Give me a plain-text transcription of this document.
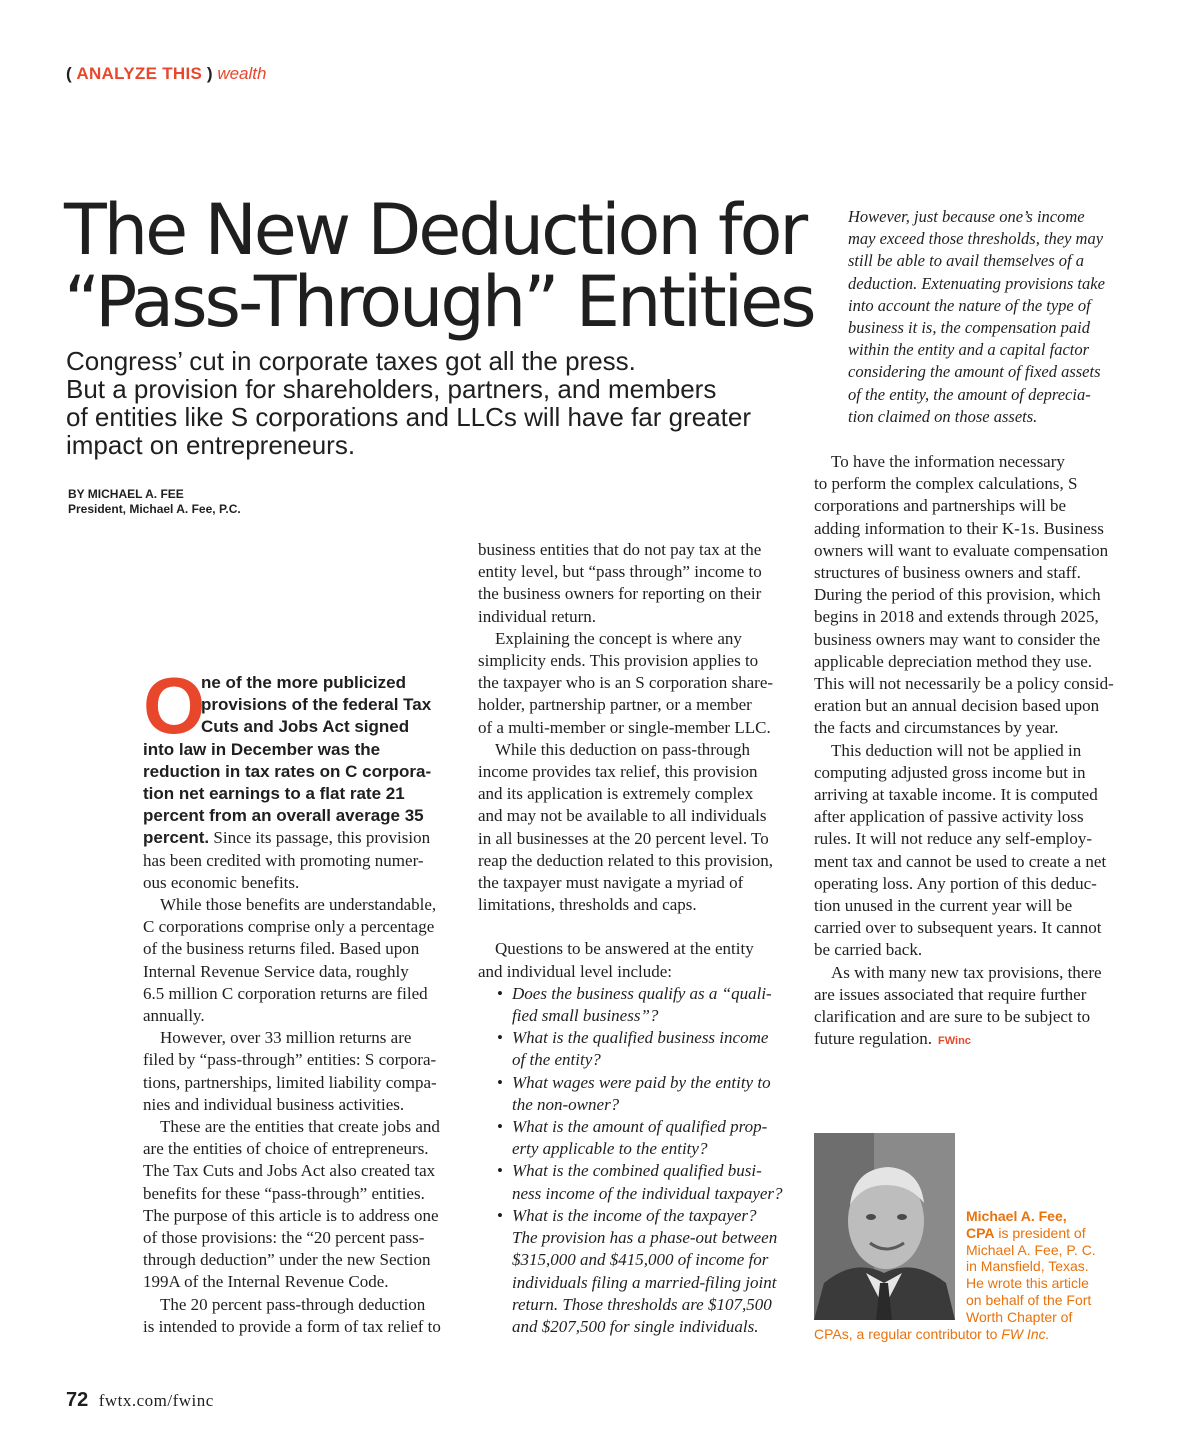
( ANALYZE THIS ) wealth
The New Deduction for
“Pass-Through” Entities

Congress’ cut in corporate taxes got all the press.
But a provision for shareholders, partners, and members
of entities like S corporations and LLCs will have far greater
impact on entrepreneurs.

BY MICHAEL A. FEE
President, Michael A. Fee, P.C.
O
ne of the more publicized
provisions of the federal Tax
Cuts and Jobs Act signed
into law in December was the
reduction in tax rates on C corpora-
tion net earnings to a flat rate 21
percent from an overall average 35
percent. Since its passage, this provision
has been credited with promoting numer-
ous economic benefits.
While those benefits are understandable,
C corporations comprise only a percentage
of the business returns filed. Based upon
Internal Revenue Service data, roughly
6.5 million C corporation returns are filed
annually.
However, over 33 million returns are
filed by “pass-through” entities: S corpora-
tions, partnerships, limited liability compa-
nies and individual business activities.
These are the entities that create jobs and
are the entities of choice of entrepreneurs.
The Tax Cuts and Jobs Act also created tax
benefits for these “pass-through” entities.
The purpose of this article is to address one
of those provisions: the “20 percent pass-
through deduction” under the new Section
199A of the Internal Revenue Code.
The 20 percent pass-through deduction
is intended to provide a form of tax relief to
business entities that do not pay tax at the
entity level, but “pass through” income to
the business owners for reporting on their
individual return.
Explaining the concept is where any
simplicity ends. This provision applies to
the taxpayer who is an S corporation share-
holder, partnership partner, or a member
of a multi-member or single-member LLC.
While this deduction on pass-through
income provides tax relief, this provision
and its application is extremely complex
and may not be available to all individuals
in all businesses at the 20 percent level. To
reap the deduction related to this provision,
the taxpayer must navigate a myriad of
limitations, thresholds and caps.
Questions to be answered at the entity
and individual level include:
• Does the business qualify as a “quali-
fied small business”?
• What is the qualified business income
of the entity?
• What wages were paid by the entity to
the non-owner?
• What is the amount of qualified prop-
erty applicable to the entity?
• What is the combined qualified busi-
ness income of the individual taxpayer?
• What is the income of the taxpayer?
The provision has a phase-out between
$315,000 and $415,000 of income for
individuals filing a married-filing joint
return. Those thresholds are $107,500
and $207,500 for single individuals.
However, just because one’s income
may exceed those thresholds, they may
still be able to avail themselves of a
deduction. Extenuating provisions take
into account the nature of the type of
business it is, the compensation paid
within the entity and a capital factor
considering the amount of fixed assets
of the entity, the amount of deprecia-
tion claimed on those assets.
To have the information necessary
to perform the complex calculations, S
corporations and partnerships will be
adding information to their K-1s. Business
owners will want to evaluate compensation
structures of business owners and staff.
During the period of this provision, which
begins in 2018 and extends through 2025,
business owners may want to consider the
applicable depreciation method they use.
This will not necessarily be a policy consid-
eration but an annual decision based upon
the facts and circumstances by year.
This deduction will not be applied in
computing adjusted gross income but in
arriving at taxable income. It is computed
after application of passive activity loss
rules. It will not reduce any self-employ-
ment tax and cannot be used to create a net
operating loss. Any portion of this deduc-
tion unused in the current year will be
carried over to subsequent years. It cannot
be carried back.
As with many new tax provisions, there
are issues associated that require further
clarification and are sure to be subject to
future regulation. FWinc
Michael A. Fee,
CPA is president of
Michael A. Fee, P. C.
in Mansfield, Texas.
He wrote this article
on behalf of the Fort
Worth Chapter of
CPAs, a regular contributor to FW Inc.
72 fwtx.com/fwinc
